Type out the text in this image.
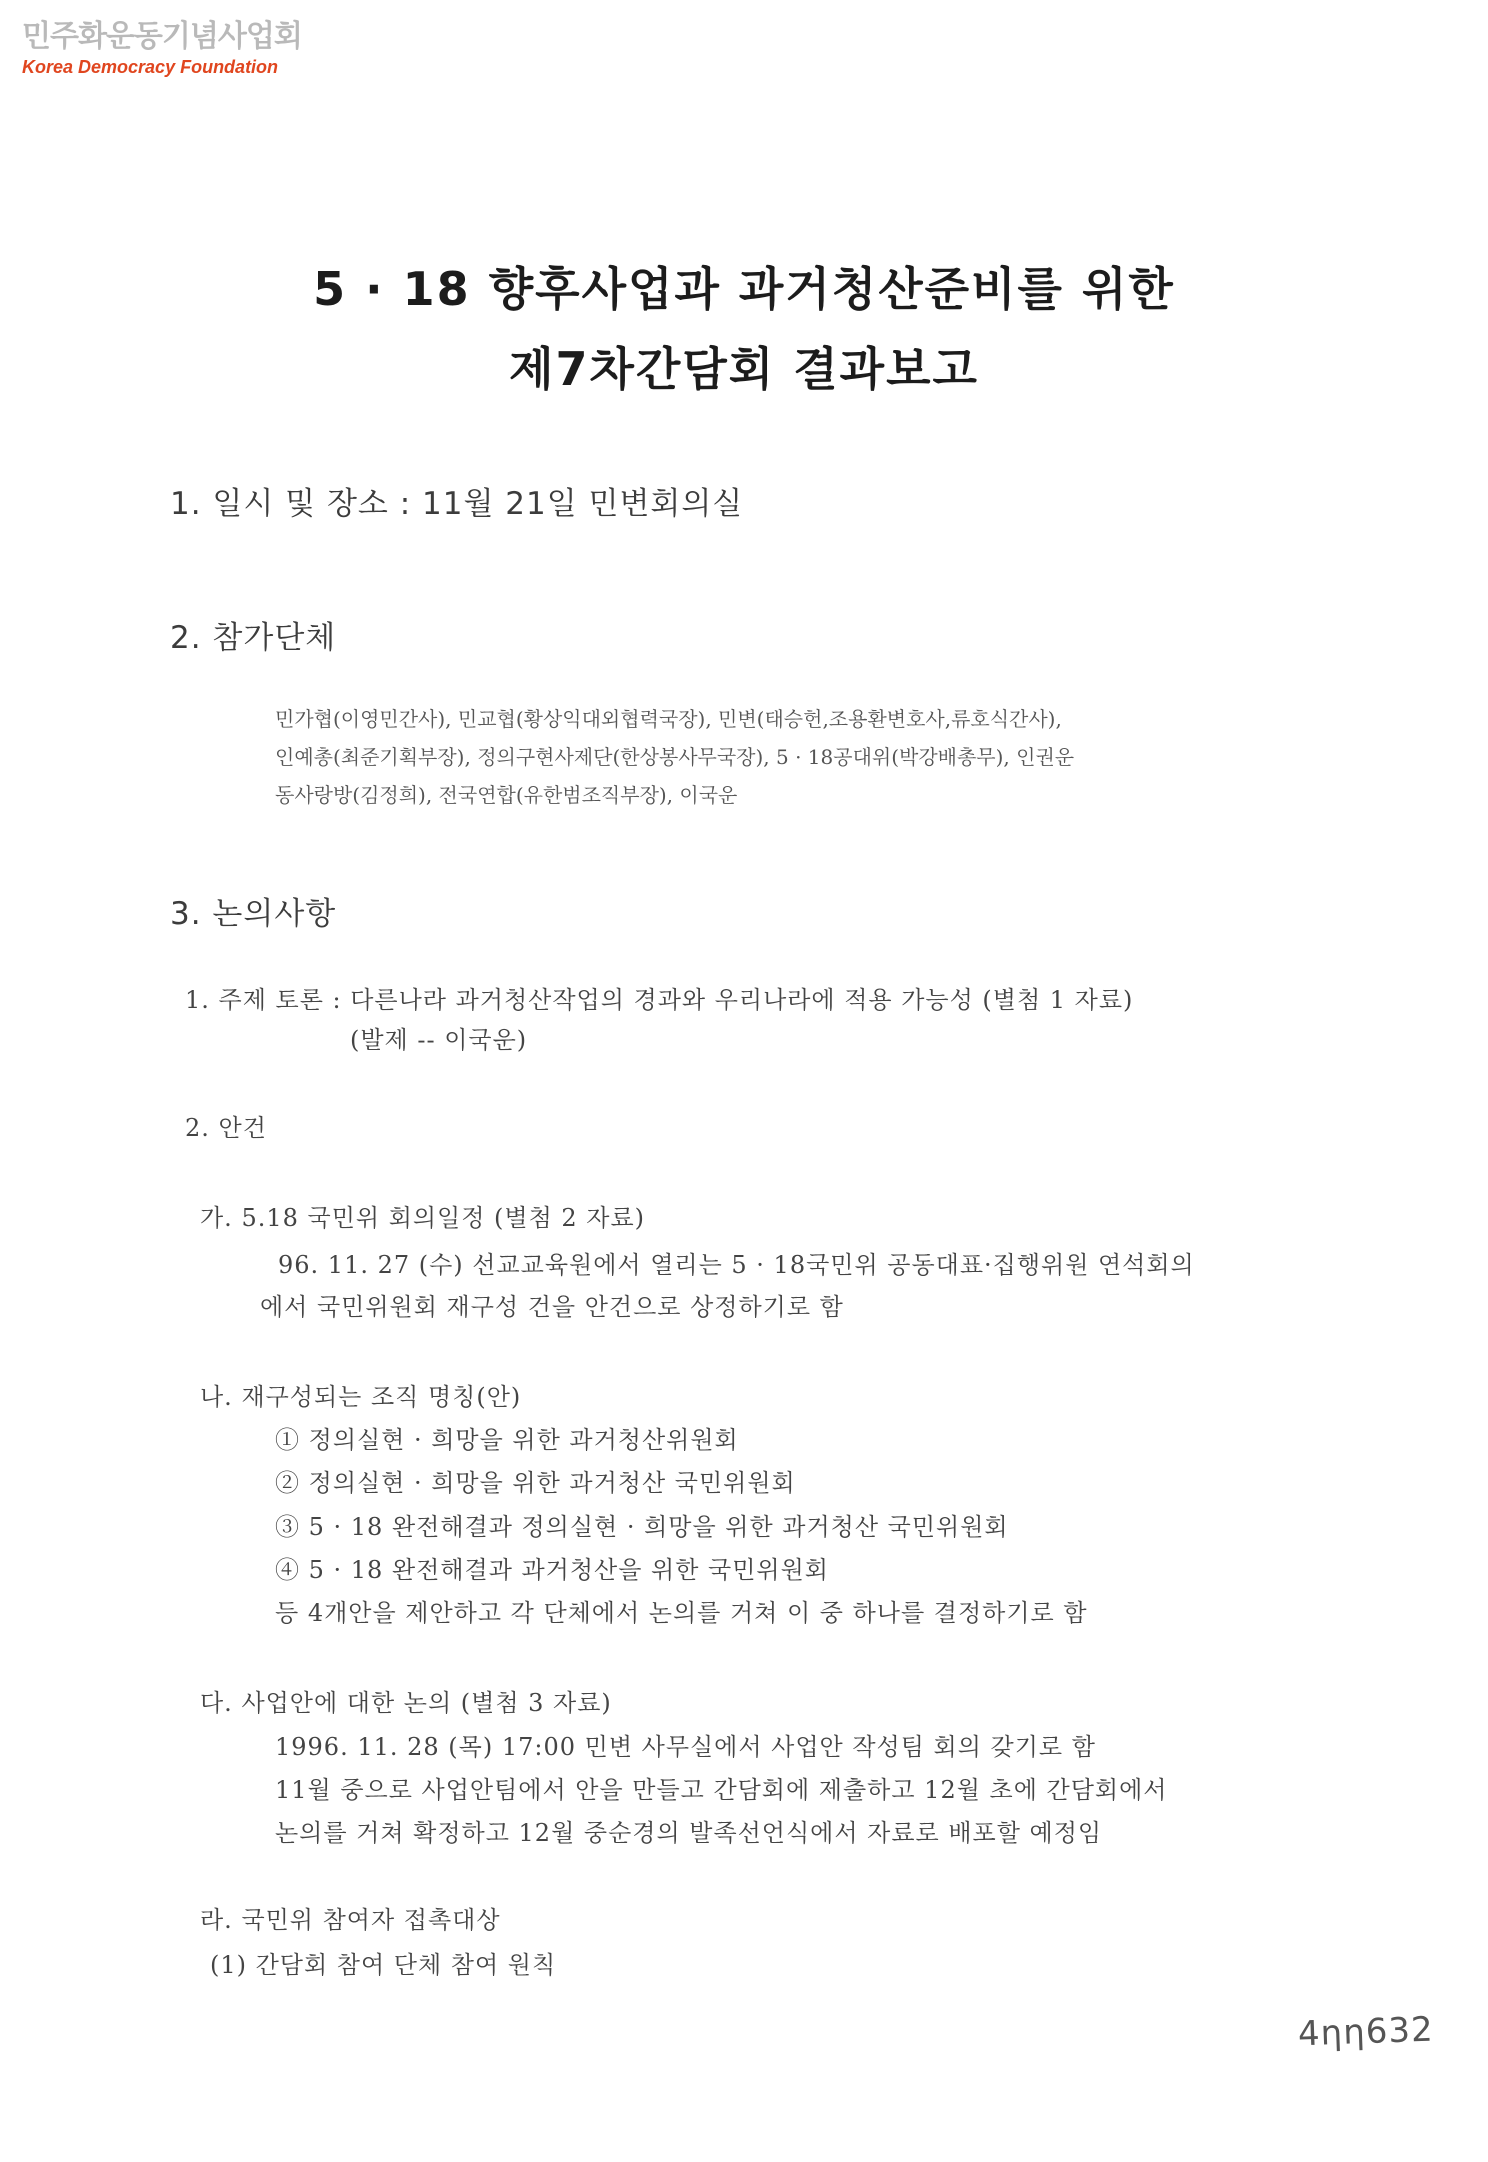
민주화운동기념사업회
Korea Democracy Foundation
5 · 18 향후사업과 과거청산준비를 위한
제7차간담회 결과보고
1. 일시 및 장소 : 11월 21일 민변회의실
2. 참가단체
민가협(이영민간사), 민교협(황상익대외협력국장), 민변(태승헌,조용환변호사,류호식간사),
인예총(최준기획부장), 정의구현사제단(한상봉사무국장), 5 · 18공대위(박강배총무), 인권운
동사랑방(김정희), 전국연합(유한범조직부장), 이국운
3. 논의사항
1. 주제 토론 : 다른나라 과거청산작업의 경과와 우리나라에 적용 가능성 (별첨 1 자료)
(발제 -- 이국운)
2. 안건
가. 5.18 국민위 회의일정 (별첨 2 자료)
96. 11. 27 (수) 선교교육원에서 열리는 5 · 18국민위 공동대표·집행위원 연석회의
에서 국민위원회 재구성 건을 안건으로 상정하기로 함
나. 재구성되는 조직 명칭(안)
① 정의실현 · 희망을 위한 과거청산위원회
② 정의실현 · 희망을 위한 과거청산 국민위원회
③ 5 · 18 완전해결과 정의실현 · 희망을 위한 과거청산 국민위원회
④ 5 · 18 완전해결과 과거청산을 위한 국민위원회
등 4개안을 제안하고 각 단체에서 논의를 거쳐 이 중 하나를 결정하기로 함
다. 사업안에 대한 논의 (별첨 3 자료)
1996. 11. 28 (목) 17:00 민변 사무실에서 사업안 작성팀 회의 갖기로 함
11월 중으로 사업안팀에서 안을 만들고 간담회에 제출하고 12월 초에 간담회에서
논의를 거쳐 확정하고 12월 중순경의 발족선언식에서 자료로 배포할 예정임
라. 국민위 참여자 접촉대상
(1) 간담회 참여 단체 참여 원칙
4ηη632
